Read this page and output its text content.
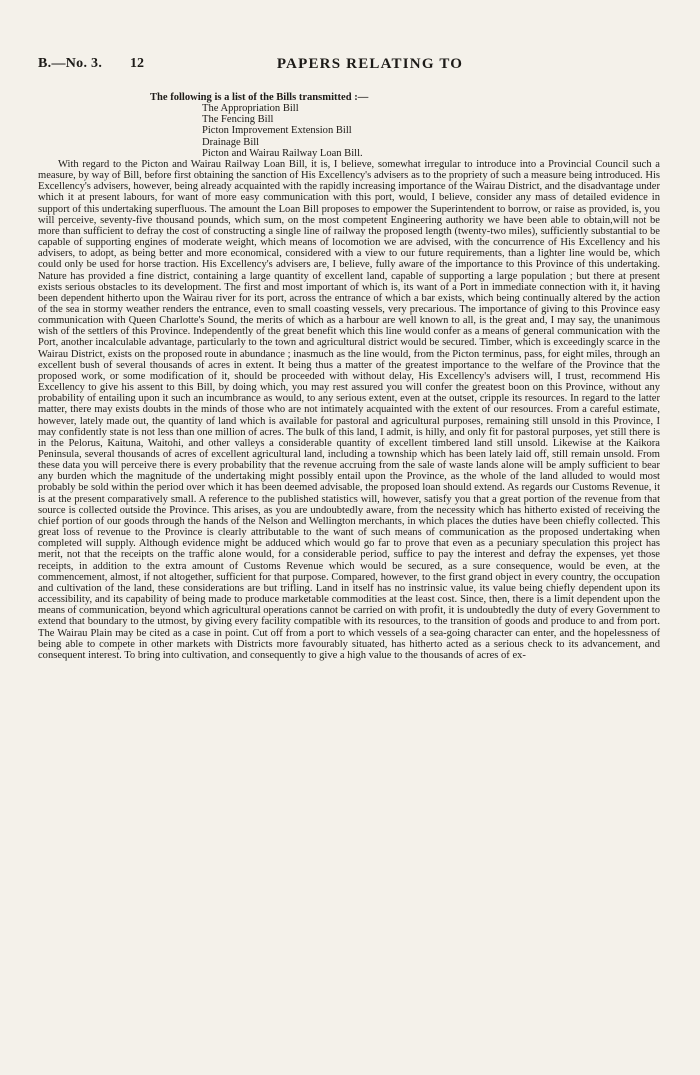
B.—No. 3. 12	PAPERS RELATING TO

The following is a list of the Bills transmitted :—

The Appropriation Bill
The Fencing Bill
Picton Improvement Extension Bill
Drainage Bill
Picton and Wairau Railway Loan Bill.

With regard to the Picton and Wairau Railway Loan Bill, it is, I believe, somewhat irregular to introduce into a Provincial Council such a measure, by way of Bill, before first obtaining the sanction of His Excellency's advisers as to the propriety of such a measure being introduced. His Excellency's advisers, however, being already acquainted with the rapidly increasing importance of the Wairau District, and the disadvantage under which it at present labours, for want of more easy communication with this port, would, I believe, consider any mass of detailed evidence in support of this undertaking superfluous. The amount the Loan Bill proposes to empower the Superintendent to borrow, or raise as provided, is, you will perceive, seventy-five thousand pounds, which sum, on the most competent Engineering authority we have been able to obtain,will not be more than sufficient to defray the cost of constructing a single line of railway the proposed length (twenty-two miles), sufficiently substantial to be capable of supporting engines of moderate weight, which means of locomotion we are advised, with the concurrence of His Excellency and his advisers, to adopt, as being better and more economical, considered with a view to our future requirements, than a lighter line would be, which could only be used for horse traction. His Excellency's advisers are, I believe, fully aware of the importance to this Province of this undertaking. Nature has provided a fine district, containing a large quantity of excellent land, capable of supporting a large population ; but there at present exists serious obstacles to its development. The first and most important of which is, its want of a Port in immediate connection with it, it having been dependent hitherto upon the Wairau river for its port, across the entrance of which a bar exists, which being continually altered by the action of the sea in stormy weather renders the entrance, even to small coasting vessels, very precarious. The importance of giving to this Province easy communication with Queen Charlotte's Sound, the merits of which as a harbour are well known to all, is the great and, I may say, the unanimous wish of the settlers of this Province. Independently of the great benefit which this line would confer as a means of general communication with the Port, another incalculable advantage, particularly to the town and agricultural district would be secured. Timber, which is exceedingly scarce in the Wairau District, exists on the proposed route in abundance ; inasmuch as the line would, from the Picton terminus, pass, for eight miles, through an excellent bush of several thousands of acres in extent. It being thus a matter of the greatest importance to the welfare of the Province that the proposed work, or some modification of it, should be proceeded with without delay, His Excellency's advisers will, I trust, recommend His Excellency to give his assent to this Bill, by doing which, you may rest assured you will confer the greatest boon on this Province, without any probability of entailing upon it such an incumbrance as would, to any serious extent, even at the outset, cripple its resources. In regard to the latter matter, there may exists doubts in the minds of those who are not intimately acquainted with the extent of our resources. From a careful estimate, however, lately made out, the quantity of land which is available for pastoral and agricultural purposes, remaining still unsold in this Province, I may confidently state is not less than one million of acres. The bulk of this land, I admit, is hilly, and only fit for pastoral purposes, yet still there is in the Pelorus, Kaituna, Waitohi, and other valleys a considerable quantity of excellent timbered land still unsold. Likewise at the Kaikora Peninsula, several thousands of acres of excellent agricultural land, including a township which has been lately laid off, still remain unsold. From these data you will perceive there is every probability that the revenue accruing from the sale of waste lands alone will be amply sufficient to bear any burden which the magnitude of the undertaking might possibly entail upon the Province, as the whole of the land alluded to would most probably be sold within the period over which it has been deemed advisable, the proposed loan should extend. As regards our Customs Revenue, it is at the present comparatively small. A reference to the published statistics will, however, satisfy you that a great portion of the revenue from that source is collected outside the Province. This arises, as you are undoubtedly aware, from the necessity which has hitherto existed of receiving the chief portion of our goods through the hands of the Nelson and Wellington merchants, in which places the duties have been chiefly collected. This great loss of revenue to the Province is clearly attributable to the want of such means of communication as the proposed undertaking when completed will supply. Although evidence might be adduced which would go far to prove that even as a pecuniary speculation this project has merit, not that the receipts on the traffic alone would, for a considerable period, suffice to pay the interest and defray the expenses, yet those receipts, in addition to the extra amount of Customs Revenue which would be secured, as a sure consequence, would be even, at the commencement, almost, if not altogether, sufficient for that purpose. Compared, however, to the first grand object in every country, the occupation and cultivation of the land, these considerations are but trifling. Land in itself has no instrinsic value, its value being chiefly dependent upon its accessibility, and its capability of being made to produce marketable commodities at the least cost. Since, then, there is a limit dependent upon the means of communication, beyond which agricultural operations cannot be carried on with profit, it is undoubtedly the duty of every Government to extend that boundary to the utmost, by giving every facility compatible with its resources, to the transition of goods and produce to and from port. The Wairau Plain may be cited as a case in point. Cut off from a port to which vessels of a sea-going character can enter, and the hopelessness of being able to compete in other markets with Districts more favourably situated, has hitherto acted as a serious check to its advancement, and consequent interest. To bring into cultivation, and consequently to give a high value to the thousands of acres of ex-
